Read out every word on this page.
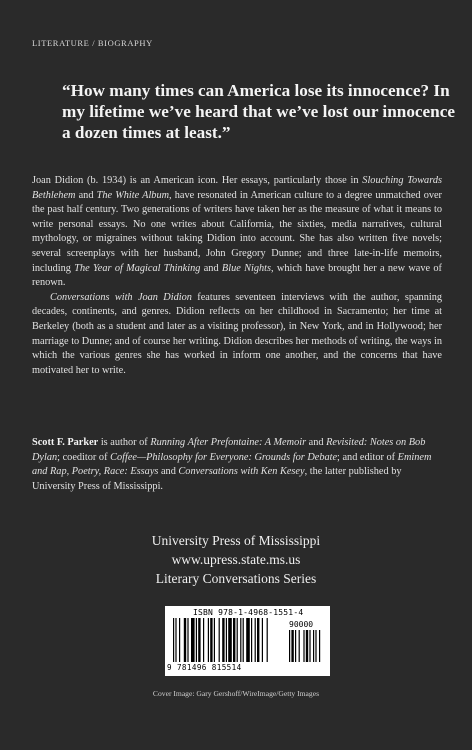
LITERATURE / BIOGRAPHY
“How many times can America lose its innocence? In my lifetime we’ve heard that we’ve lost our innocence a dozen times at least.”

Joan Didion (b. 1934) is an American icon. Her essays, particularly those in Slouching Towards Bethlehem and The White Album, have resonated in American culture to a degree unmatched over the past half century. Two generations of writers have taken her as the measure of what it means to write personal essays. No one writes about California, the sixties, media narratives, cultural mythology, or migraines without taking Didion into account. She has also written five novels; several screenplays with her husband, John Gregory Dunne; and three late-in-life memoirs, including The Year of Magical Thinking and Blue Nights, which have brought her a new wave of renown.

Conversations with Joan Didion features seventeen interviews with the author, spanning decades, continents, and genres. Didion reflects on her childhood in Sacramento; her time at Berkeley (both as a student and later as a visiting professor), in New York, and in Hollywood; her marriage to Dunne; and of course her writing. Didion describes her methods of writing, the ways in which the various genres she has worked in inform one another, and the concerns that have motivated her to write.

Scott F. Parker is author of Running After Prefontaine: A Memoir and Revisited: Notes on Bob Dylan; coeditor of Coffee—Philosophy for Everyone: Grounds for Debate; and editor of Eminem and Rap, Poetry, Race: Essays and Conversations with Ken Kesey, the latter published by University Press of Mississippi.

University Press of Mississippi
www.upress.state.ms.us
Literary Conversations Series
ISBN 978-1-4968-1551-4
90000
9 781496 815514
Cover Image: Gary Gershoff/WireImage/Getty Images
